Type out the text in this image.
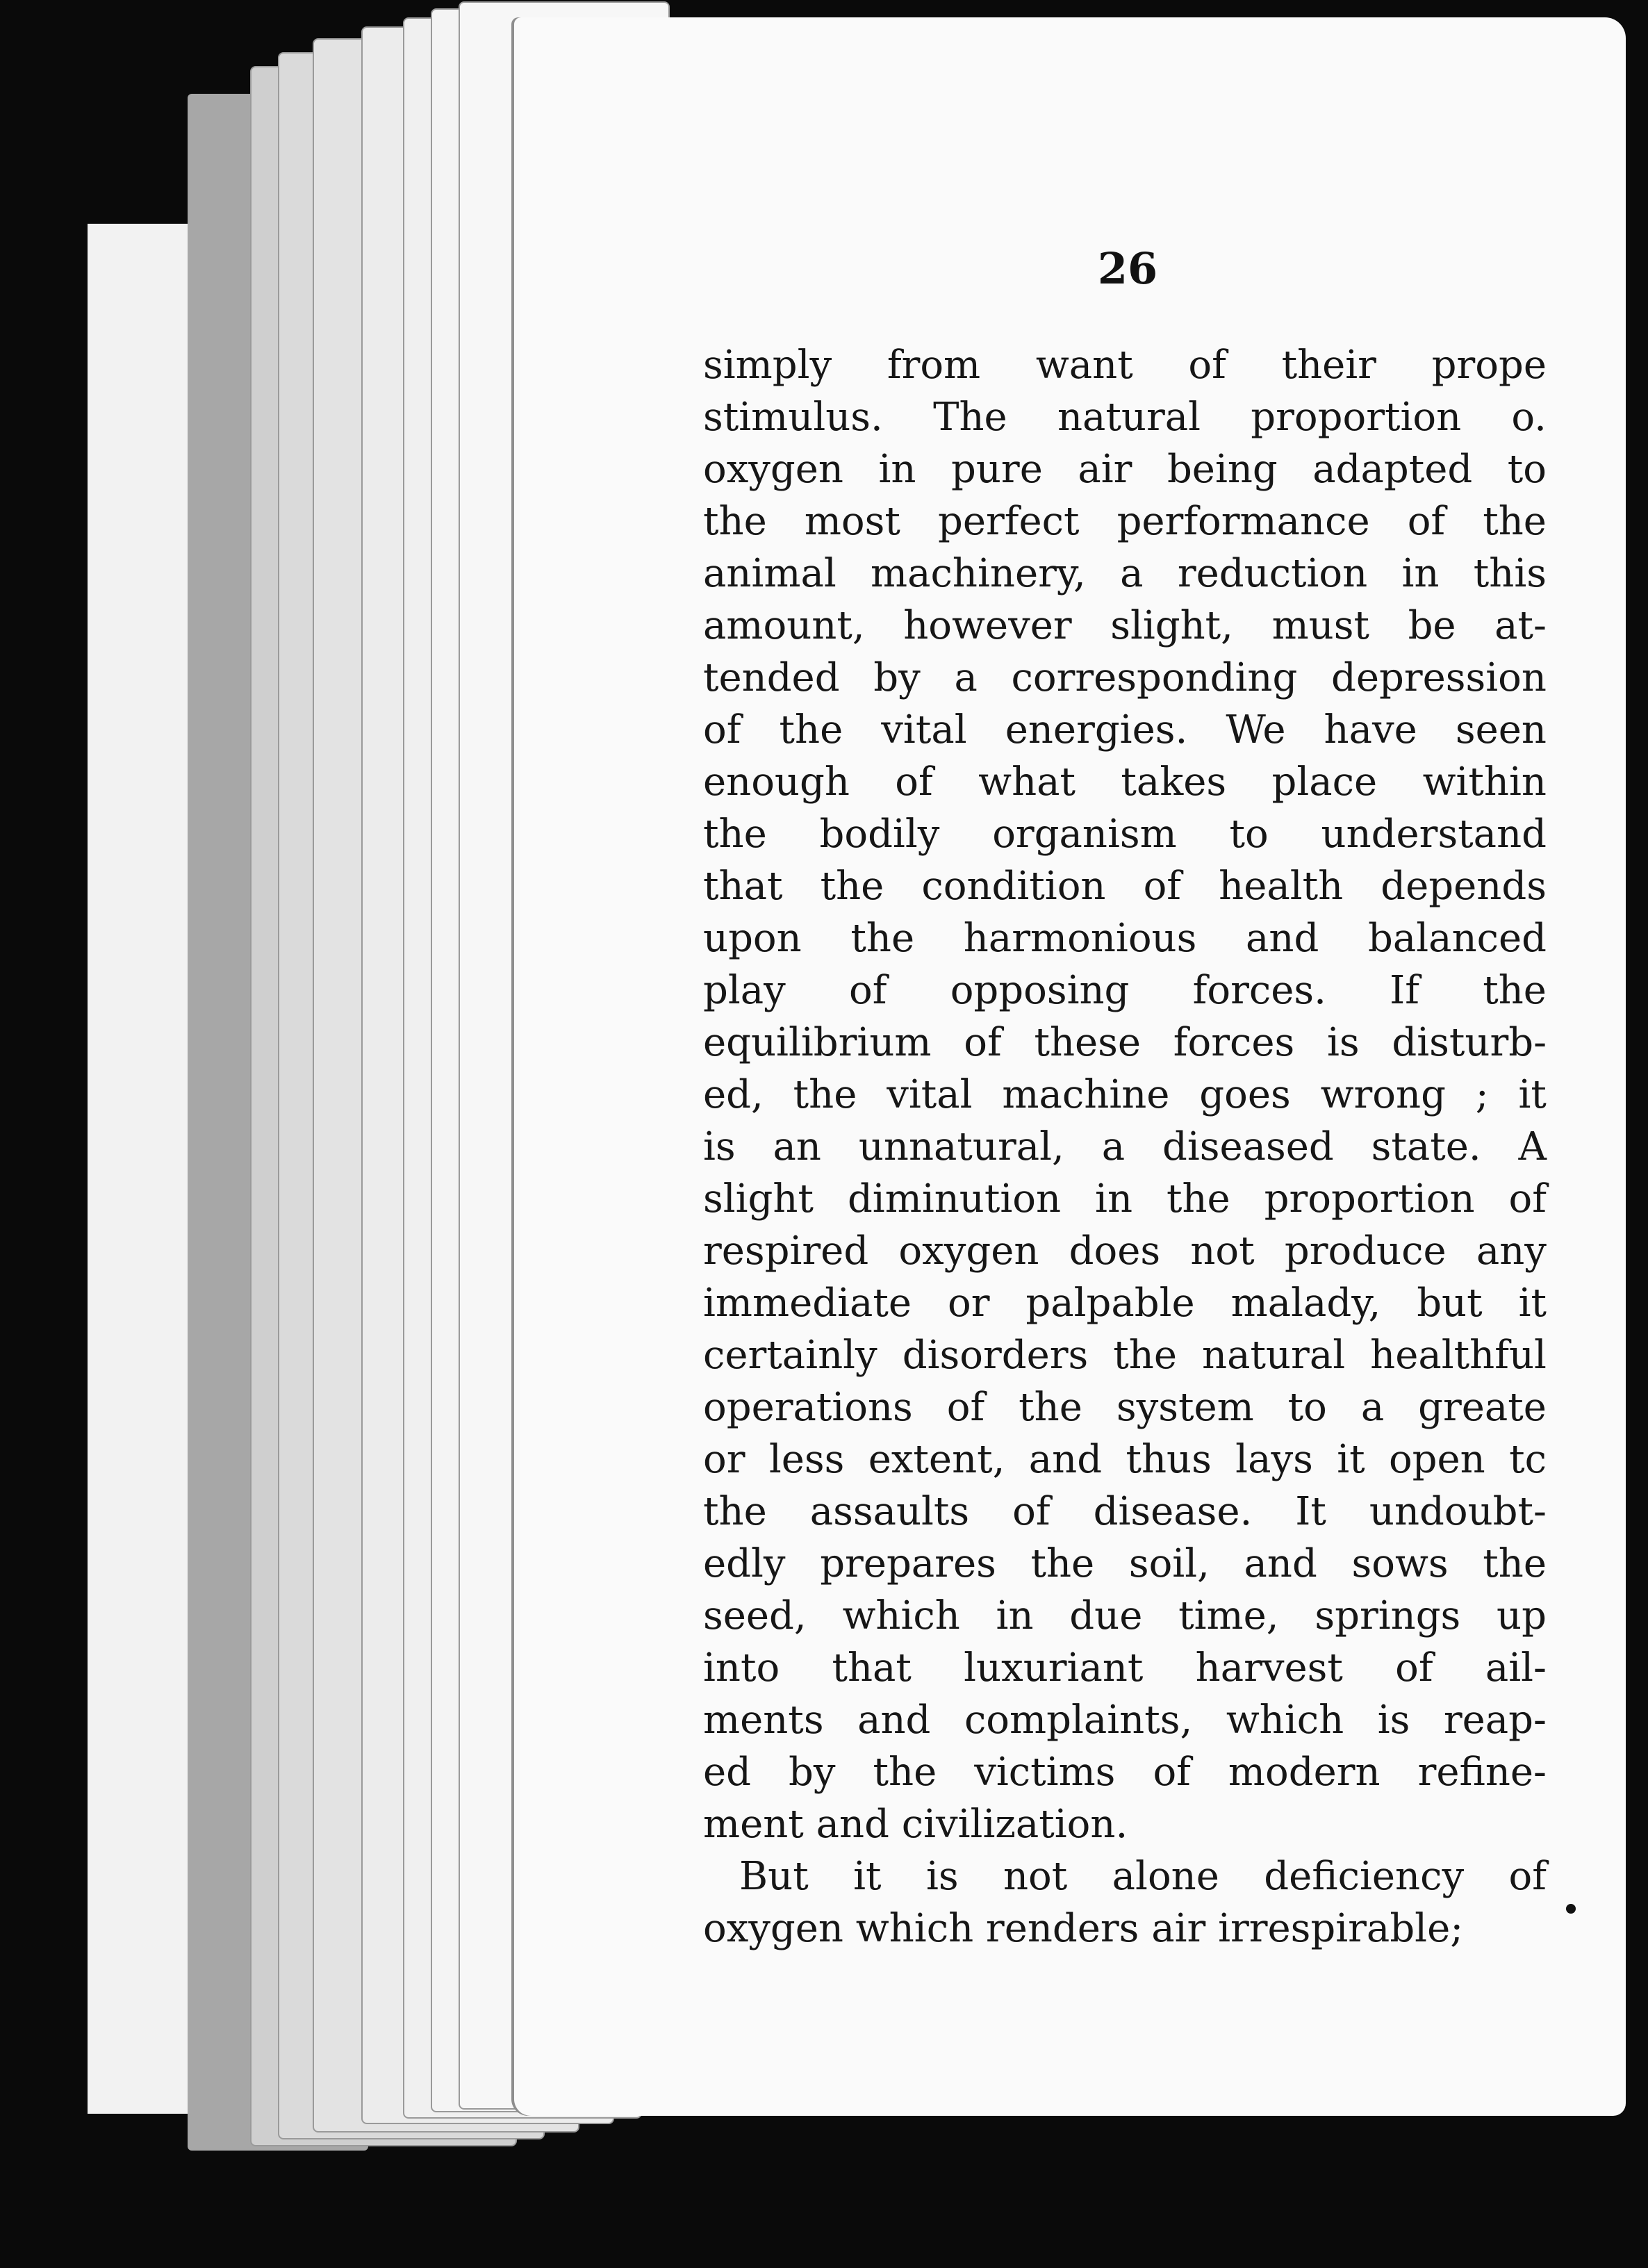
26
simply from want of their prope
stimulus. The natural proportion o.
oxygen in pure air being adapted to
the most perfect performance of the
animal machinery, a reduction in this
amount, however slight, must be at-
tended by a corresponding depression
of the vital energies. We have seen
enough of what takes place within
the bodily organism to understand
that the condition of health depends
upon the harmonious and balanced
play of opposing forces. If the
equilibrium of these forces is disturb-
ed, the vital machine goes wrong ; it
is an unnatural, a diseased state. A
slight diminution in the proportion of
respired oxygen does not produce any
immediate or palpable malady, but it
certainly disorders the natural healthful
operations of the system to a greate
or less extent, and thus lays it open tc
the assaults of disease. It undoubt-
edly prepares the soil, and sows the
seed, which in due time, springs up
into that luxuriant harvest of ail-
ments and complaints, which is reap-
ed by the victims of modern refine-
ment and civilization.
But it is not alone deficiency of
oxygen which renders air irrespirable;
